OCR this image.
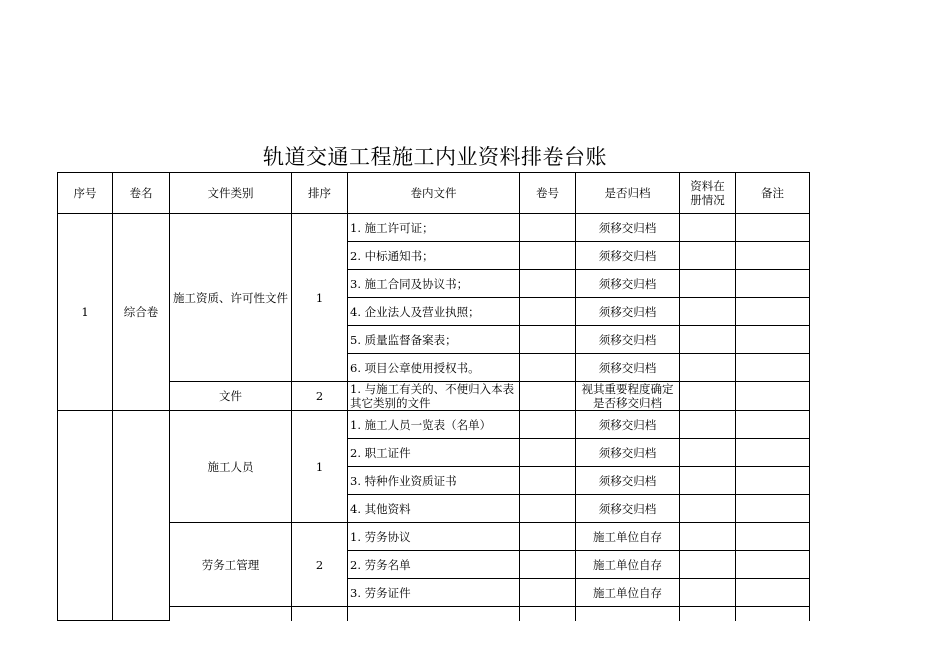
轨道交通工程施工内业资料排卷台账
序号	卷名	文件类别	排序	卷内文件	卷号	是否归档	资料在册情况	备注
1	综合卷	施工资质、许可性文件	1	1. 施工许可证；		须移交归档		
				2. 中标通知书；		须移交归档		
				3. 施工合同及协议书；		须移交归档		
				4. 企业法人及营业执照；		须移交归档		
				5. 质量监督备案表；		须移交归档		
				6. 项目公章使用授权书。		须移交归档		
		文件	2	1. 与施工有关的、不便归入本表其它类别的文件		视其重要程度确定是否移交归档		
		施工人员	1	1. 施工人员一览表（名单）		须移交归档		
				2. 职工证件		须移交归档		
				3. 特种作业资质证书		须移交归档		
				4. 其他资料		须移交归档		
		劳务工管理	2	1. 劳务协议		施工单位自存		
				2. 劳务名单		施工单位自存		
				3. 劳务证件		施工单位自存		
